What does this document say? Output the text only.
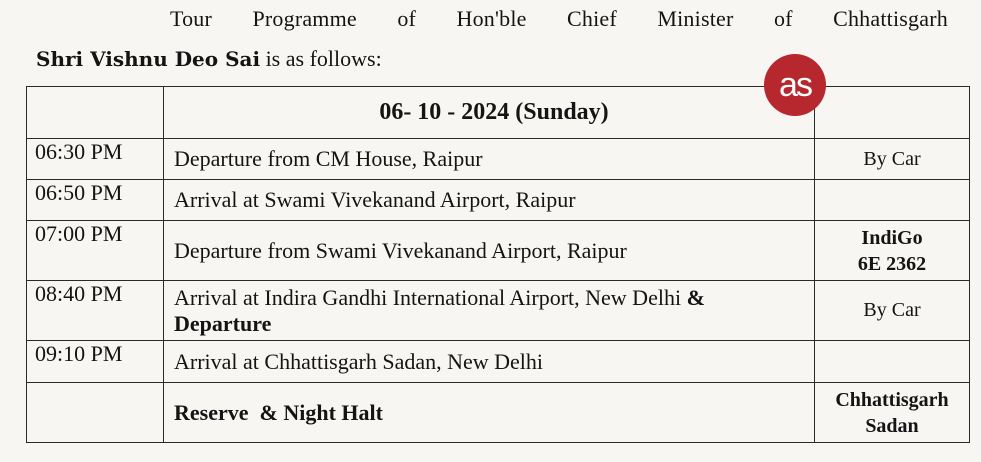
Tour Programme of Hon'ble Chief Minister of Chhattisgarh
Shri Vishnu Deo Sai is as follows:
as
	06- 10 - 2024 (Sunday)	
06:30 PM	Departure from CM House, Raipur	By Car
06:50 PM	Arrival at Swami Vivekanand Airport, Raipur	
07:00 PM	Departure from Swami Vivekanand Airport, Raipur	IndiGo
6E 2362

08:40 PM	Arrival at Indira Gandhi International Airport, New Delhi &
Departure	By Car
09:10 PM	Arrival at Chhattisgarh Sadan, New Delhi	
	Reserve  & Night Halt	Chhattisgarh
Sadan
